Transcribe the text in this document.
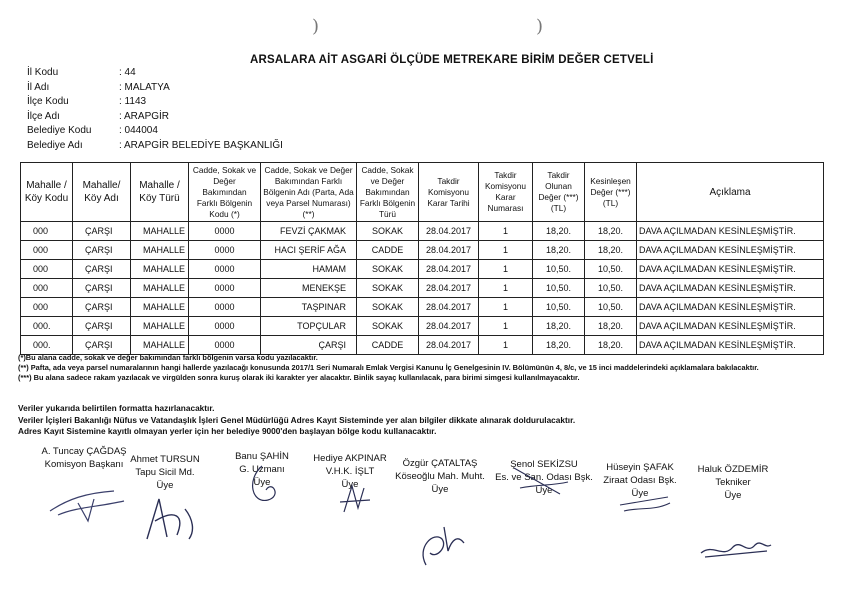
)	)
ARSALARA AİT ASGARİ ÖLÇÜDE METREKARE BİRİM DEĞER CETVELİ
İl Kodu	: 44
İl Adı	: MALATYA
İlçe Kodu	: 1143
İlçe Adı	: ARAPGİR
Belediye Kodu	: 044004
Belediye Adı	: ARAPGİR BELEDİYE BAŞKANLIĞI
Mahalle / Köy Kodu	Mahalle/ Köy Adı	Mahalle / Köy Türü	Cadde, Sokak ve Değer Bakımından Farklı Bölgenin Kodu (*)	Cadde, Sokak ve Değer Bakımından Farklı Bölgenin Adı (Parta, Ada veya Parsel Numarası)(**)	Cadde, Sokak ve Değer Bakımından Farklı Bölgenin Türü	Takdir Komisyonu Karar Tarihi	Takdir Komisyonu Karar Numarası	Takdir Olunan Değer (***) (TL)	Kesinleşen Değer (***) (TL)	Açıklama
000	ÇARŞI	MAHALLE	0000	FEVZİ ÇAKMAK	SOKAK	28.04.2017	1	18,20.	18,20.	DAVA AÇILMADAN KESİNLEŞMİŞTİR.
000	ÇARŞI	MAHALLE	0000	HACI ŞERİF AĞA	CADDE	28.04.2017	1	18,20.	18,20.	DAVA AÇILMADAN KESİNLEŞMİŞTİR.
000	ÇARŞI	MAHALLE	0000	HAMAM	SOKAK	28.04.2017	1	10,50.	10,50.	DAVA AÇILMADAN KESİNLEŞMİŞTİR.
000	ÇARŞI	MAHALLE	0000	MENEKŞE	SOKAK	28.04.2017	1	10,50.	10,50.	DAVA AÇILMADAN KESİNLEŞMİŞTİR.
000	ÇARŞI	MAHALLE	0000	TAŞPINAR	SOKAK	28.04.2017	1	10,50.	10,50.	DAVA AÇILMADAN KESİNLEŞMİŞTİR.
000.	ÇARŞI	MAHALLE	0000	TOPÇULAR	SOKAK	28.04.2017	1	18,20.	18,20.	DAVA AÇILMADAN KESİNLEŞMİŞTİR.
000.	ÇARŞI	MAHALLE	0000	ÇARŞI	CADDE	28.04.2017	1	18,20.	18,20.	DAVA AÇILMADAN KESİNLEŞMİŞTİR.
(*)Bu alana cadde, sokak ve değer bakımından farklı bölgenin varsa kodu yazılacaktır.
(**) Pafta, ada veya parsel numaralarının hangi hallerde yazılacağı konusunda 2017/1 Seri Numaralı Emlak Vergisi Kanunu İç Genelgesinin IV. Bölümünün 4, 8/c, ve 15 inci maddelerindeki açıklamalara bakılacaktır.
(***) Bu alana sadece rakam yazılacak ve virgülden sonra kuruş olarak iki karakter yer alacaktır. Binlik sayaç kullanılacak, para birimi simgesi kullanılmayacaktır.
Veriler yukarıda belirtilen formatta hazırlanacaktır.
Veriler İçişleri Bakanlığı Nüfus ve Vatandaşlık İşleri Genel Müdürlüğü Adres Kayıt Sisteminde yer alan bilgiler dikkate alınarak doldurulacaktır.
Adres Kayıt Sistemine kayıtlı olmayan yerler için her belediye 9000'den başlayan bölge kodu kullanacaktır.
A. Tuncay ÇAĞDAŞ
Komisyon Başkanı Ahmet TURSUN
Tapu Sicil Md.
Üye
Banu ŞAHİN
G. Uzmanı
Üye
Hediye AKPINAR
V.H.K. İŞLT
Üye
Özgür ÇATALTAŞ
Köseoğlu Mah. Muht.
Üye
Şenol SEKİZSU
Es. ve San. Odası Bşk.
Üye
Hüseyin ŞAFAK
Ziraat Odası Bşk.
Üye
Haluk ÖZDEMİR
Tekniker
Üye
